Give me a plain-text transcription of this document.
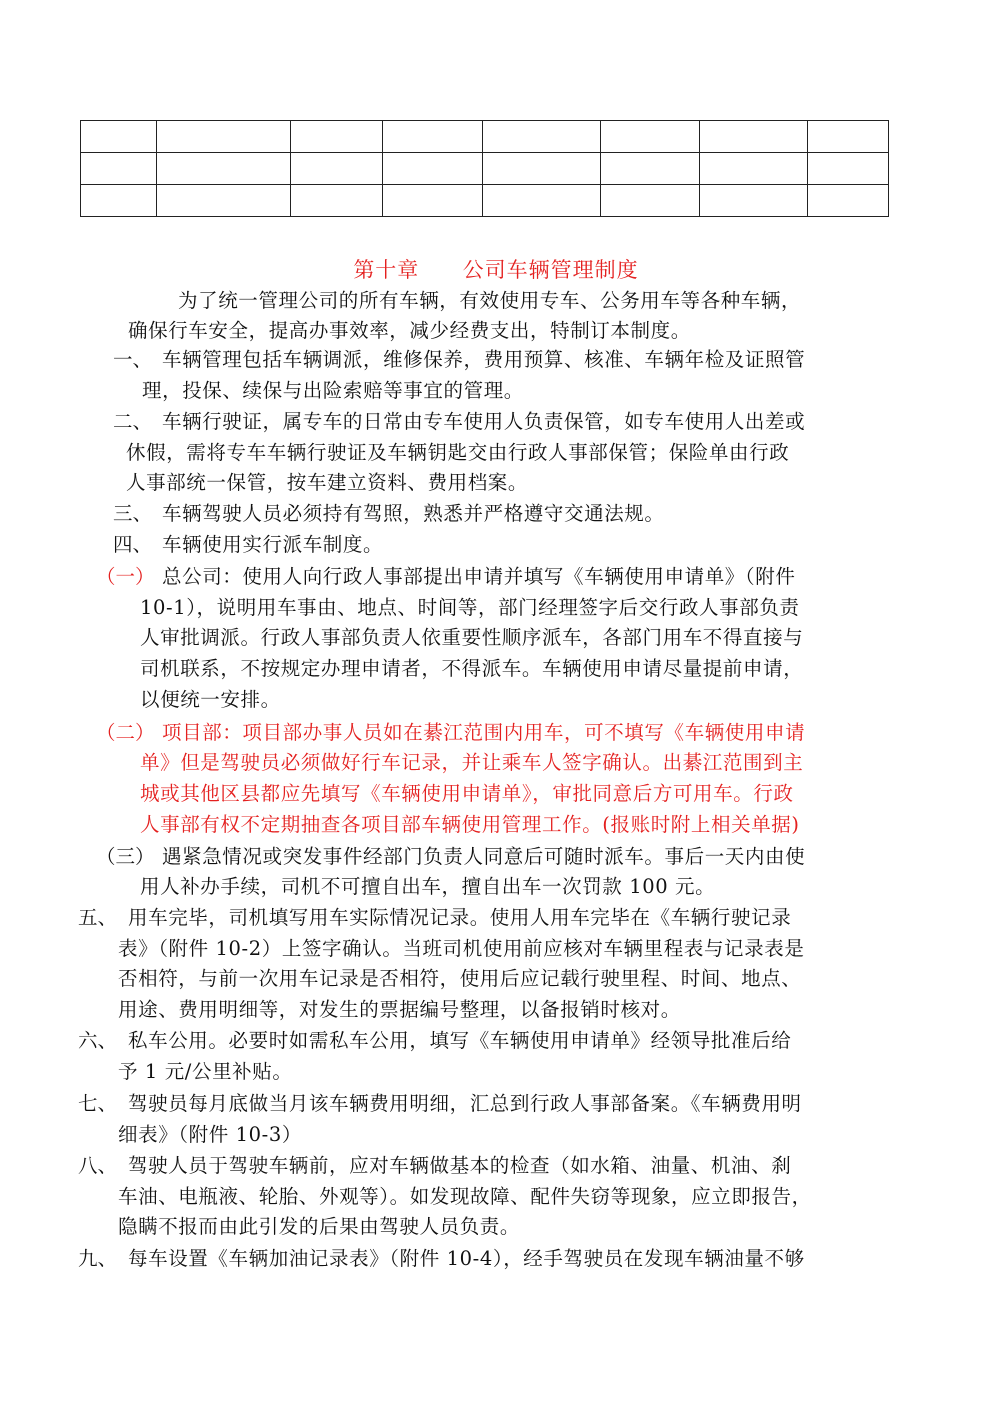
第十章  公司车辆管理制度
为了统一管理公司的所有车辆，有效使用专车、公务用车等各种车辆，
确保行车安全，提高办事效率，减少经费支出，特制订本制度。
一、 车辆管理包括车辆调派，维修保养，费用预算、核准、车辆年检及证照管
理，投保、续保与出险索赔等事宜的管理。
二、 车辆行驶证，属专车的日常由专车使用人负责保管，如专车使用人出差或
休假，需将专车车辆行驶证及车辆钥匙交由行政人事部保管；保险单由行政
人事部统一保管，按车建立资料、费用档案。
三、 车辆驾驶人员必须持有驾照，熟悉并严格遵守交通法规。
四、 车辆使用实行派车制度。
（一） 总公司：使用人向行政人事部提出申请并填写《车辆使用申请单》（附件
10-1），说明用车事由、地点、时间等，部门经理签字后交行政人事部负责
人审批调派。行政人事部负责人依重要性顺序派车，各部门用车不得直接与
司机联系，不按规定办理申请者，不得派车。车辆使用申请尽量提前申请，
以便统一安排。
（二） 项目部：项目部办事人员如在綦江范围内用车，可不填写《车辆使用申请
单》但是驾驶员必须做好行车记录，并让乘车人签字确认。出綦江范围到主
城或其他区县都应先填写《车辆使用申请单》，审批同意后方可用车。行政
人事部有权不定期抽查各项目部车辆使用管理工作。(报账时附上相关单据)
（三） 遇紧急情况或突发事件经部门负责人同意后可随时派车。事后一天内由使
用人补办手续，司机不可擅自出车，擅自出车一次罚款 100 元。
五、 用车完毕，司机填写用车实际情况记录。使用人用车完毕在《车辆行驶记录
表》（附件 10-2）上签字确认。当班司机使用前应核对车辆里程表与记录表是
否相符，与前一次用车记录是否相符，使用后应记载行驶里程、时间、地点、
用途、费用明细等，对发生的票据编号整理，以备报销时核对。
六、 私车公用。必要时如需私车公用，填写《车辆使用申请单》经领导批准后给
予 1 元/公里补贴。
七、 驾驶员每月底做当月该车辆费用明细，汇总到行政人事部备案。《车辆费用明
细表》（附件 10-3）
八、 驾驶人员于驾驶车辆前，应对车辆做基本的检查（如水箱、油量、机油、刹
车油、电瓶液、轮胎、外观等）。如发现故障、配件失窃等现象，应立即报告，
隐瞒不报而由此引发的后果由驾驶人员负责。
九、 每车设置《车辆加油记录表》（附件 10-4），经手驾驶员在发现车辆油量不够
